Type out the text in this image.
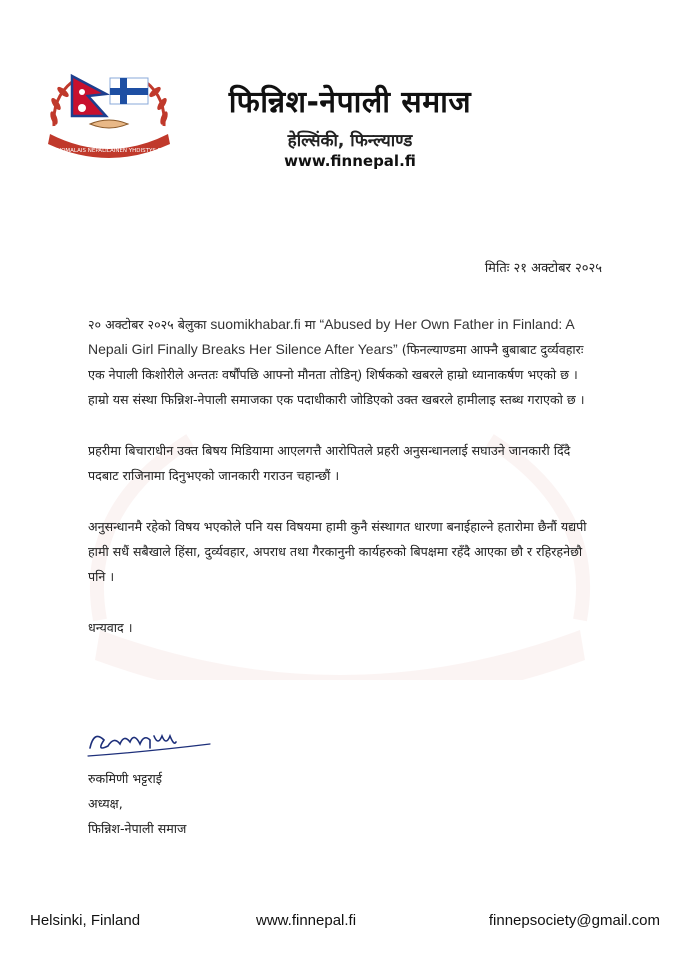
SUOMALAIS NEPALILAINEN YHDISTYS RY
फिन्निश-नेपाली समाज
हेल्सिंकी, फिन्ल्याण्ड
www.finnepal.fi
मितिः २१ अक्टोबर २०२५

२० अक्टोबर २०२५ बेलुका suomikhabar.fi मा “Abused by Her Own Father in Finland: A Nepali Girl Finally Breaks Her Silence After Years” (फिनल्याण्डमा आफ्नै बुबाबाट दुर्व्यवहारः एक नेपाली किशोरीले अन्ततः वर्षौंपछि आफ्नो मौनता तोडिन्) शिर्षकको खबरले हाम्रो ध्यानाकर्षण भएको छ । हाम्रो यस संस्था फिन्निश-नेपाली समाजका एक पदाधीकारी जोडिएको उक्त खबरले हामीलाइ स्तब्ध गराएको छ ।

प्रहरीमा बिचाराधीन उक्त बिषय मिडियामा आएलगत्तै आरोपितले प्रहरी अनुसन्धानलाई सघाउने जानकारी दिँदै पदबाट राजिनामा दिनुभएको जानकारी गराउन चहान्छौं ।

अनुसन्धानमै रहेको विषय भएकोले पनि यस विषयमा हामी कुनै संस्थागत धारणा बनाईहाल्ने हतारोमा छैनौं यद्यपी हामी सधैं सबैखाले हिंसा, दुर्व्यवहार, अपराध तथा गैरकानुनी कार्यहरुको बिपक्षमा रहँदै आएका छौ र रहिरहनेछौ पनि ।

धन्यवाद ।

रुकमिणी भट्टराई
अध्यक्ष,
फिन्निश-नेपाली समाज
Helsinki, Finland	www.finnepal.fi	finnepsociety@gmail.com
